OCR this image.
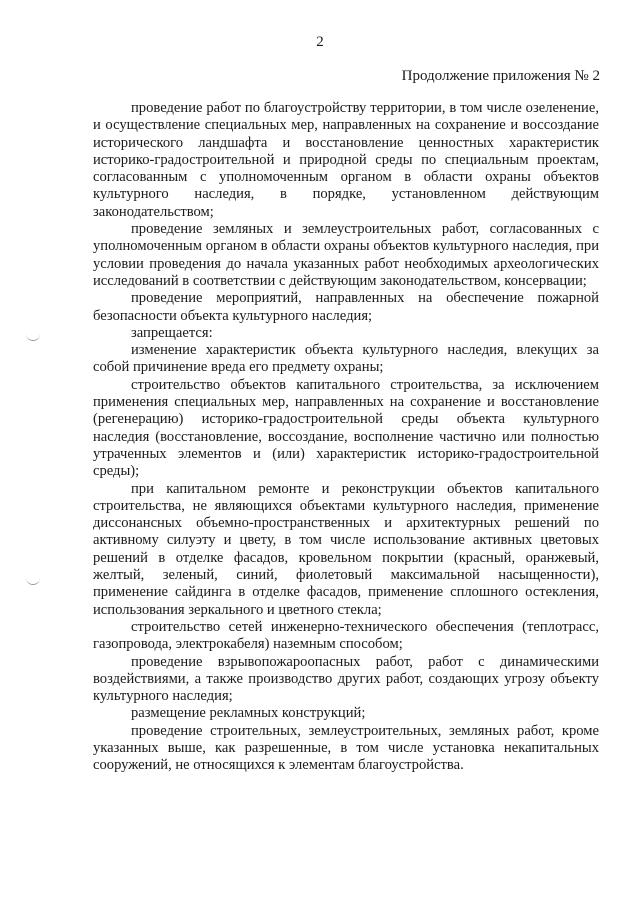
2
Продолжение приложения № 2

проведение работ по благоустройству территории, в том числе озеленение, и осуществление специальных мер, направленных на сохранение и воссоздание исторического ландшафта и восстановление ценностных характеристик историко-градостроительной и природной среды по специальным проектам, согласованным с уполномоченным органом в области охраны объектов культурного наследия, в порядке, установленном действующим законодательством;

проведение земляных и землеустроительных работ, согласованных с уполномоченным органом в области охраны объектов культурного наследия, при условии проведения до начала указанных работ необходимых археологических исследований в соответствии с действующим законодательством, консервации;

проведение мероприятий, направленных на обеспечение пожарной безопасности объекта культурного наследия;

запрещается:

изменение характеристик объекта культурного наследия, влекущих за собой причинение вреда его предмету охраны;

строительство объектов капитального строительства, за исключением применения специальных мер, направленных на сохранение и восстановление (регенерацию) историко-градостроительной среды объекта культурного наследия (восстановление, воссоздание, восполнение частично или полностью утраченных элементов и (или) характеристик историко-градостроительной среды);

при капитальном ремонте и реконструкции объектов капитального строительства, не являющихся объектами культурного наследия, применение диссонансных объемно-пространственных и архитектурных решений по активному силуэту и цвету, в том числе использование активных цветовых решений в отделке фасадов, кровельном покрытии (красный, оранжевый, желтый, зеленый, синий, фиолетовый максимальной насыщенности), применение сайдинга в отделке фасадов, применение сплошного остекления, использования зеркального и цветного стекла;

строительство сетей инженерно-технического обеспечения (теплотрасс, газопровода, электрокабеля) наземным способом;

проведение взрывопожароопасных работ, работ с динамическими воздействиями, а также производство других работ, создающих угрозу объекту культурного наследия;

размещение рекламных конструкций;

проведение строительных, землеустроительных, земляных работ, кроме указанных выше, как разрешенные, в том числе установка некапитальных сооружений, не относящихся к элементам благоустройства.
